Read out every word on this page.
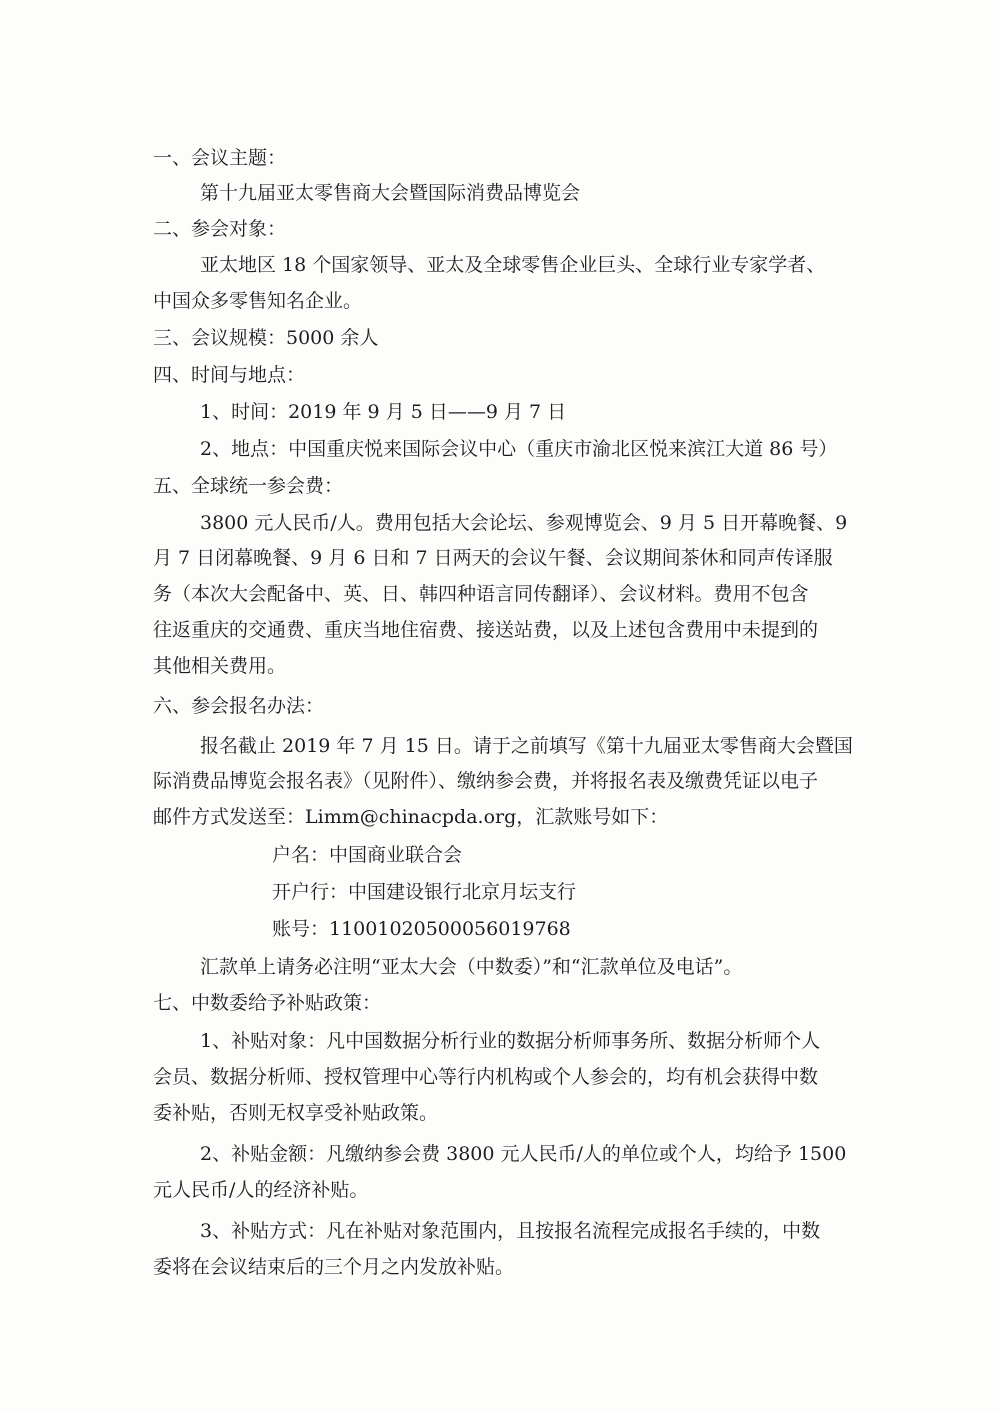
一、会议主题：
第十九届亚太零售商大会暨国际消费品博览会
二、参会对象：
亚太地区 18 个国家领导、亚太及全球零售企业巨头、全球行业专家学者、
中国众多零售知名企业。
三、会议规模：5000 余人
四、时间与地点：
1、时间：2019 年 9 月 5 日——9 月 7 日
2、地点：中国重庆悦来国际会议中心（重庆市渝北区悦来滨江大道 86 号）
五、全球统一参会费：
3800 元人民币/人。费用包括大会论坛、参观博览会、9 月 5 日开幕晚餐、9
月 7 日闭幕晚餐、9 月 6 日和 7 日两天的会议午餐、会议期间茶休和同声传译服
务（本次大会配备中、英、日、韩四种语言同传翻译）、会议材料。费用不包含
往返重庆的交通费、重庆当地住宿费、接送站费，以及上述包含费用中未提到的
其他相关费用。
六、参会报名办法：
报名截止 2019 年 7 月 15 日。请于之前填写《第十九届亚太零售商大会暨国
际消费品博览会报名表》（见附件）、缴纳参会费，并将报名表及缴费凭证以电子
邮件方式发送至：Limm@chinacpda.org，汇款账号如下：
户名：中国商业联合会
开户行：中国建设银行北京月坛支行
账号：11001020500056019768
汇款单上请务必注明“亚太大会（中数委）”和“汇款单位及电话”。
七、中数委给予补贴政策：
1、补贴对象：凡中国数据分析行业的数据分析师事务所、数据分析师个人
会员、数据分析师、授权管理中心等行内机构或个人参会的，均有机会获得中数
委补贴，否则无权享受补贴政策。
2、补贴金额：凡缴纳参会费 3800 元人民币/人的单位或个人，均给予 1500
元人民币/人的经济补贴。
3、补贴方式：凡在补贴对象范围内，且按报名流程完成报名手续的，中数
委将在会议结束后的三个月之内发放补贴。
